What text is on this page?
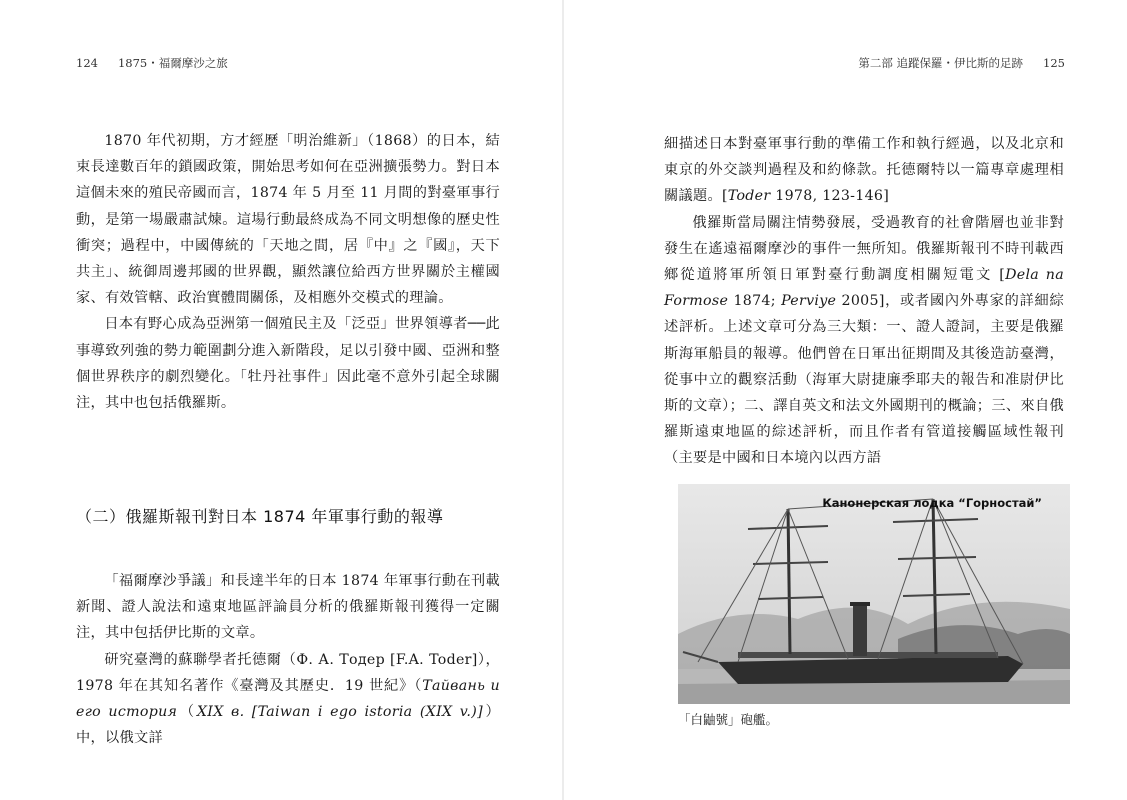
124 1875・福爾摩沙之旅

1870 年代初期，方才經歷「明治維新」（1868）的日本，結束長達數百年的鎖國政策，開始思考如何在亞洲擴張勢力。對日本這個未來的殖民帝國而言，1874 年 5 月至 11 月間的對臺軍事行動，是第一場嚴肅試煉。這場行動最終成為不同文明想像的歷史性衝突；過程中，中國傳統的「天地之間，居『中』之『國』，天下共主」、統御周邊邦國的世界觀，顯然讓位給西方世界關於主權國家、有效管轄、政治實體間關係，及相應外交模式的理論。

日本有野心成為亞洲第一個殖民主及「泛亞」世界領導者──此事導致列強的勢力範圍劃分進入新階段，足以引發中國、亞洲和整個世界秩序的劇烈變化。「牡丹社事件」因此毫不意外引起全球關注，其中也包括俄羅斯。

（二）俄羅斯報刊對日本 1874 年軍事行動的報導

「福爾摩沙爭議」和長達半年的日本 1874 年軍事行動在刊載新聞、證人說法和遠東地區評論員分析的俄羅斯報刊獲得一定關注，其中包括伊比斯的文章。

研究臺灣的蘇聯學者托德爾（Ф. А. Тодер [F.A. Toder]），1978 年在其知名著作《臺灣及其歷史．19 世紀》（Тайвань и его история（XIX в. [Taiwan i ego istoria (XIX v.)]）中，以俄文詳

第二部 追蹤保羅・伊比斯的足跡 125

細描述日本對臺軍事行動的準備工作和執行經過，以及北京和東京的外交談判過程及和約條款。托德爾特以一篇專章處理相關議題。[Toder 1978, 123-146]

俄羅斯當局關注情勢發展，受過教育的社會階層也並非對發生在遙遠福爾摩沙的事件一無所知。俄羅斯報刊不時刊載西鄉從道將軍所領日軍對臺行動調度相關短電文 [Dela na Formose 1874; Perviye 2005]，或者國內外專家的詳細綜述評析。上述文章可分為三大類：一、證人證詞，主要是俄羅斯海軍船員的報導。他們曾在日軍出征期間及其後造訪臺灣，從事中立的觀察活動（海軍大尉捷廉季耶夫的報告和准尉伊比斯的文章）；二、譯自英文和法文外國期刊的概論；三、來自俄羅斯遠東地區的綜述評析，而且作者有管道接觸區域性報刊（主要是中國和日本境內以西方語

Канонерская лодка “Горностай”
「白鼬號」砲艦。
